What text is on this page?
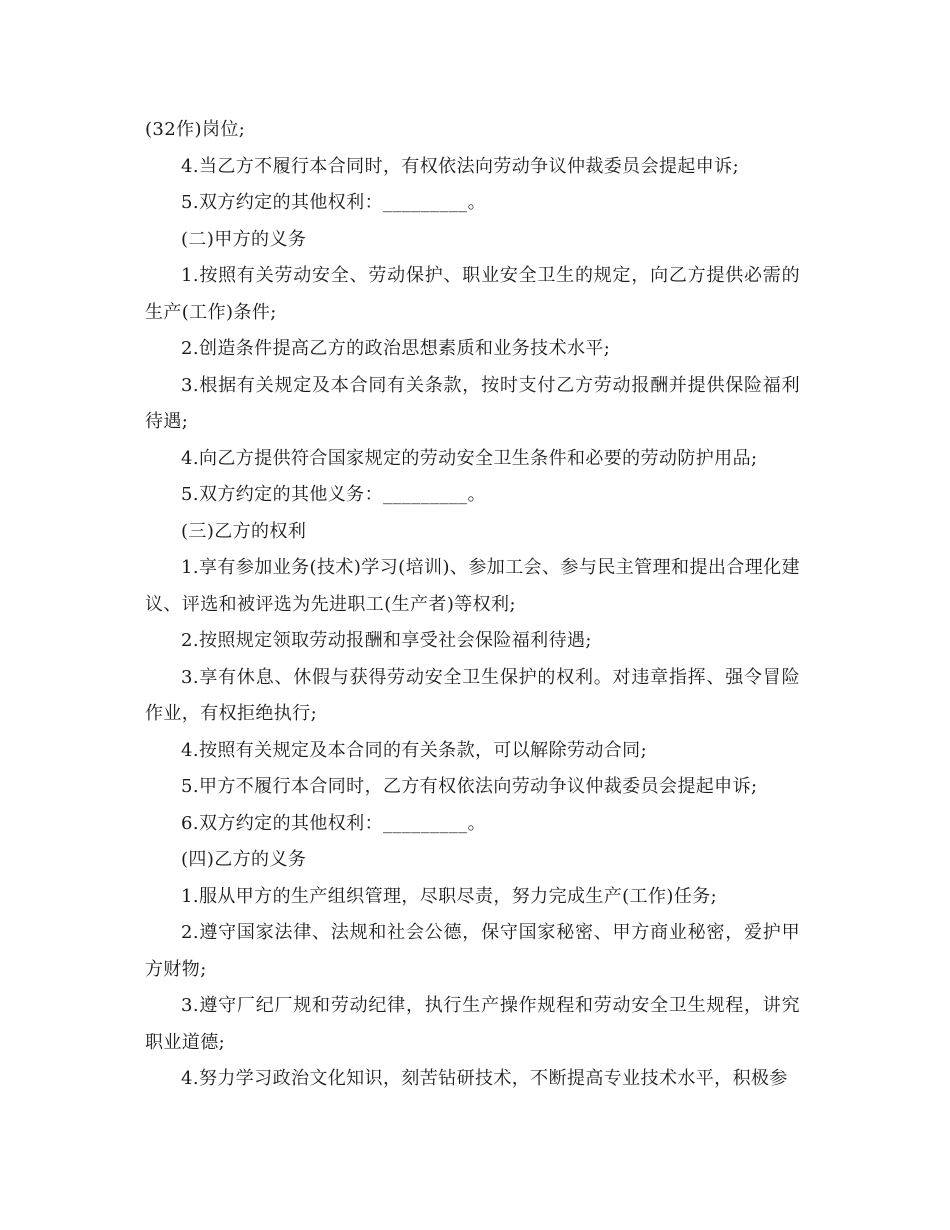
(32作)岗位;

4.当乙方不履行本合同时，有权依法向劳动争议仲裁委员会提起申诉;

5.双方约定的其他权利：_________。

(二)甲方的义务

1.按照有关劳动安全、劳动保护、职业安全卫生的规定，向乙方提供必需的生产(工作)条件;

2.创造条件提高乙方的政治思想素质和业务技术水平;

3.根据有关规定及本合同有关条款，按时支付乙方劳动报酬并提供保险福利待遇;

4.向乙方提供符合国家规定的劳动安全卫生条件和必要的劳动防护用品;

5.双方约定的其他义务：_________。

(三)乙方的权利

1.享有参加业务(技术)学习(培训)、参加工会、参与民主管理和提出合理化建议、评选和被评选为先进职工(生产者)等权利;

2.按照规定领取劳动报酬和享受社会保险福利待遇;

3.享有休息、休假与获得劳动安全卫生保护的权利。对违章指挥、强令冒险作业，有权拒绝执行;

4.按照有关规定及本合同的有关条款，可以解除劳动合同;

5.甲方不履行本合同时，乙方有权依法向劳动争议仲裁委员会提起申诉;

6.双方约定的其他权利：_________。

(四)乙方的义务

1.服从甲方的生产组织管理，尽职尽责，努力完成生产(工作)任务;

2.遵守国家法律、法规和社会公德，保守国家秘密、甲方商业秘密，爱护甲方财物;

3.遵守厂纪厂规和劳动纪律，执行生产操作规程和劳动安全卫生规程，讲究职业道德;

4.努力学习政治文化知识，刻苦钻研技术，不断提高专业技术水平，积极参
